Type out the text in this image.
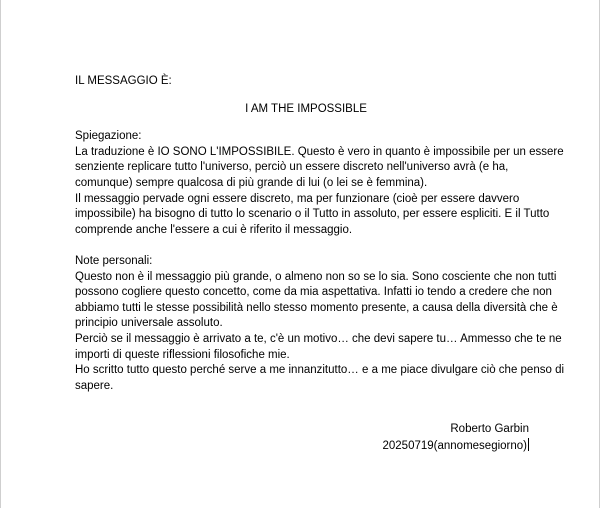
IL MESSAGGIO È:
I AM THE IMPOSSIBLE
Spiegazione:
La traduzione è IO SONO L'IMPOSSIBILE. Questo è vero in quanto è impossibile per un essere
senziente replicare tutto l'universo, perciò un essere discreto nell'universo avrà (e ha,
comunque) sempre qualcosa di più grande di lui (o lei se è femmina).
Il messaggio pervade ogni essere discreto, ma per funzionare (cioè per essere davvero
impossibile) ha bisogno di tutto lo scenario o il Tutto in assoluto, per essere espliciti. E il Tutto
comprende anche l'essere a cui è riferito il messaggio.
Note personali:
Questo non è il messaggio più grande, o almeno non so se lo sia. Sono cosciente che non tutti
possono cogliere questo concetto, come da mia aspettativa. Infatti io tendo a credere che non
abbiamo tutti le stesse possibilità nello stesso momento presente, a causa della diversità che è
principio universale assoluto.
Perciò se il messaggio è arrivato a te, c'è un motivo… che devi sapere tu… Ammesso che te ne
importi di queste riflessioni filosofiche mie.
Ho scritto tutto questo perché serve a me innanzitutto… e a me piace divulgare ciò che penso di
sapere.
Roberto Garbin
20250719(annomesegiorno)
